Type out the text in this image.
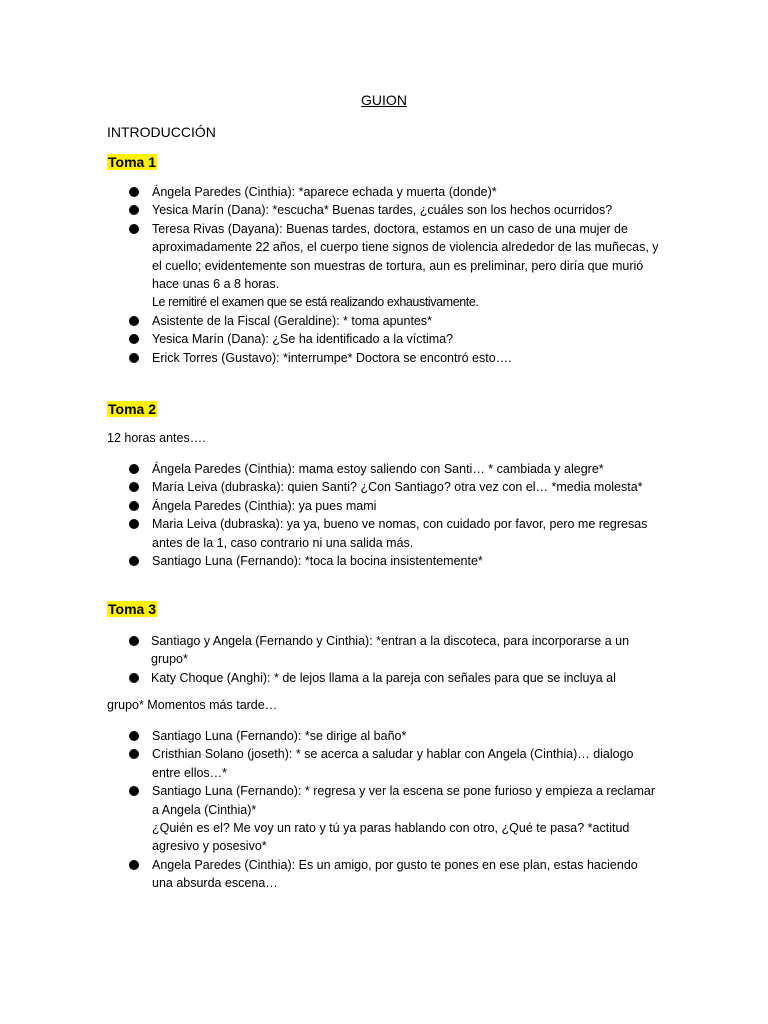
GUION
INTRODUCCIÓN
Toma 1
Ángela Paredes (Cinthia): *aparece echada y muerta (donde)*
Yesica Marín (Dana): *escucha* Buenas tardes, ¿cuáles son los hechos ocurridos?
Teresa Rivas (Dayana): Buenas tardes, doctora, estamos en un caso de una mujer de aproximadamente 22 años, el cuerpo tiene signos de violencia alrededor de las muñecas, y el cuello; evidentemente son muestras de tortura, aun es preliminar, pero diría que murió hace unas 6 a 8 horas.
Le remitiré el examen que se está realizando exhaustivamente.
Asistente de la Fiscal (Geraldine): * toma apuntes*
Yesica Marín (Dana): ¿Se ha identificado a la víctima?
Erick Torres (Gustavo): *interrumpe* Doctora se encontró esto….
Toma 2
12 horas antes….
Ángela Paredes (Cinthia): mama estoy saliendo con Santi… * cambiada y alegre*
María Leiva (dubraska): quien Santi? ¿Con Santiago? otra vez con el… *media molesta*
Ángela Paredes (Cinthia): ya pues mami
Maria Leiva (dubraska): ya ya, bueno ve nomas, con cuidado por favor, pero me regresas antes de la 1, caso contrario ni una salida más.
Santiago Luna (Fernando): *toca la bocina insistentemente*
Toma 3
Santiago y Angela (Fernando y Cinthia): *entran a la discoteca, para incorporarse a un grupo*
Katy Choque (Anghi): * de lejos llama a la pareja con señales para que se incluya al
grupo* Momentos más tarde…
Santiago Luna (Fernando): *se dirige al baño*
Cristhian Solano (joseth): * se acerca a saludar y hablar con Angela (Cinthia)… dialogo entre ellos…*
Santiago Luna (Fernando): * regresa y ver la escena se pone furioso y empieza a reclamar a Angela (Cinthia)*
¿Quién es el? Me voy un rato y tú ya paras hablando con otro, ¿Qué te pasa? *actitud agresivo y posesivo*
Angela Paredes (Cinthia): Es un amigo, por gusto te pones en ese plan, estas haciendo una absurda escena…
